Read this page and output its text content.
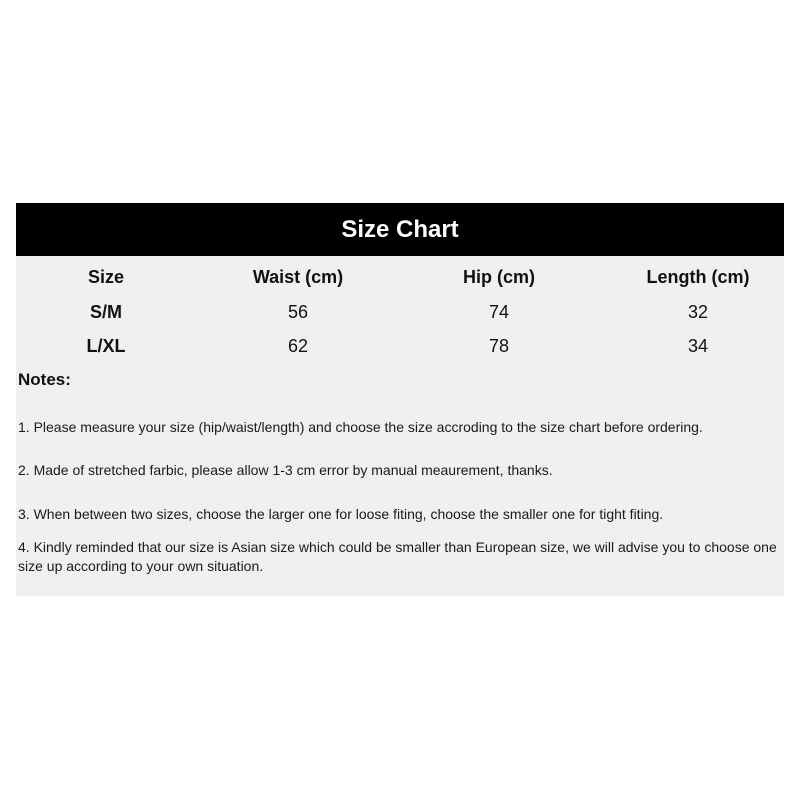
Size Chart
Size	Waist (cm)	Hip (cm)	Length (cm)
S/M	56	74	32
L/XL	62	78	34
Notes:
1. Please measure your size (hip/waist/length) and choose the size accroding to the size chart before ordering.
2. Made of stretched farbic, please allow 1-3 cm error by manual meaurement, thanks.
3. When between two sizes, choose the larger one for loose fiting, choose the smaller one for tight fiting.
4. Kindly reminded that our size is Asian size which could be smaller than European size, we will advise you to choose one size up according to your own situation.
